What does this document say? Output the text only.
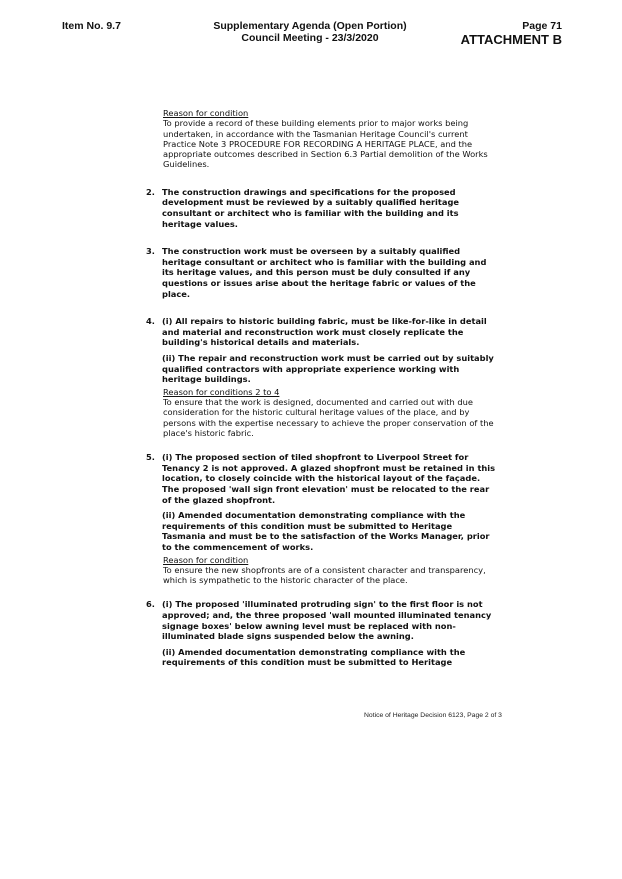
Item No. 9.7	Supplementary Agenda (Open Portion)
Council Meeting - 23/3/2020
Page 71
ATTACHMENT B
Reason for condition
To provide a record of these building elements prior to major works being undertaken, in accordance with the Tasmanian Heritage Council's current Practice Note 3 PROCEDURE FOR RECORDING A HERITAGE PLACE, and the appropriate outcomes described in Section 6.3 Partial demolition of the Works Guidelines.
2. The construction drawings and specifications for the proposed development must be reviewed by a suitably qualified heritage consultant or architect who is familiar with the building and its heritage values.

3. The construction work must be overseen by a suitably qualified heritage consultant or architect who is familiar with the building and its heritage values, and this person must be duly consulted if any questions or issues arise about the heritage fabric or values of the place.

4. (i) All repairs to historic building fabric, must be like-for-like in detail and material and reconstruction work must closely replicate the building's historical details and materials.

(ii) The repair and reconstruction work must be carried out by suitably qualified contractors with appropriate experience working with heritage buildings.

Reason for conditions 2 to 4
To ensure that the work is designed, documented and carried out with due consideration for the historic cultural heritage values of the place, and by persons with the expertise necessary to achieve the proper conservation of the place's historic fabric.
5. (i) The proposed section of tiled shopfront to Liverpool Street for Tenancy 2 is not approved. A glazed shopfront must be retained in this location, to closely coincide with the historical layout of the façade. The proposed 'wall sign front elevation' must be relocated to the rear of the glazed shopfront.

(ii) Amended documentation demonstrating compliance with the requirements of this condition must be submitted to Heritage Tasmania and must be to the satisfaction of the Works Manager, prior to the commencement of works.

Reason for condition
To ensure the new shopfronts are of a consistent character and transparency, which is sympathetic to the historic character of the place.
6. (i) The proposed 'illuminated protruding sign' to the first floor is not approved; and, the three proposed 'wall mounted illuminated tenancy signage boxes' below awning level must be replaced with non-illuminated blade signs suspended below the awning.

(ii) Amended documentation demonstrating compliance with the requirements of this condition must be submitted to Heritage

Notice of Heritage Decision 6123, Page 2 of 3
